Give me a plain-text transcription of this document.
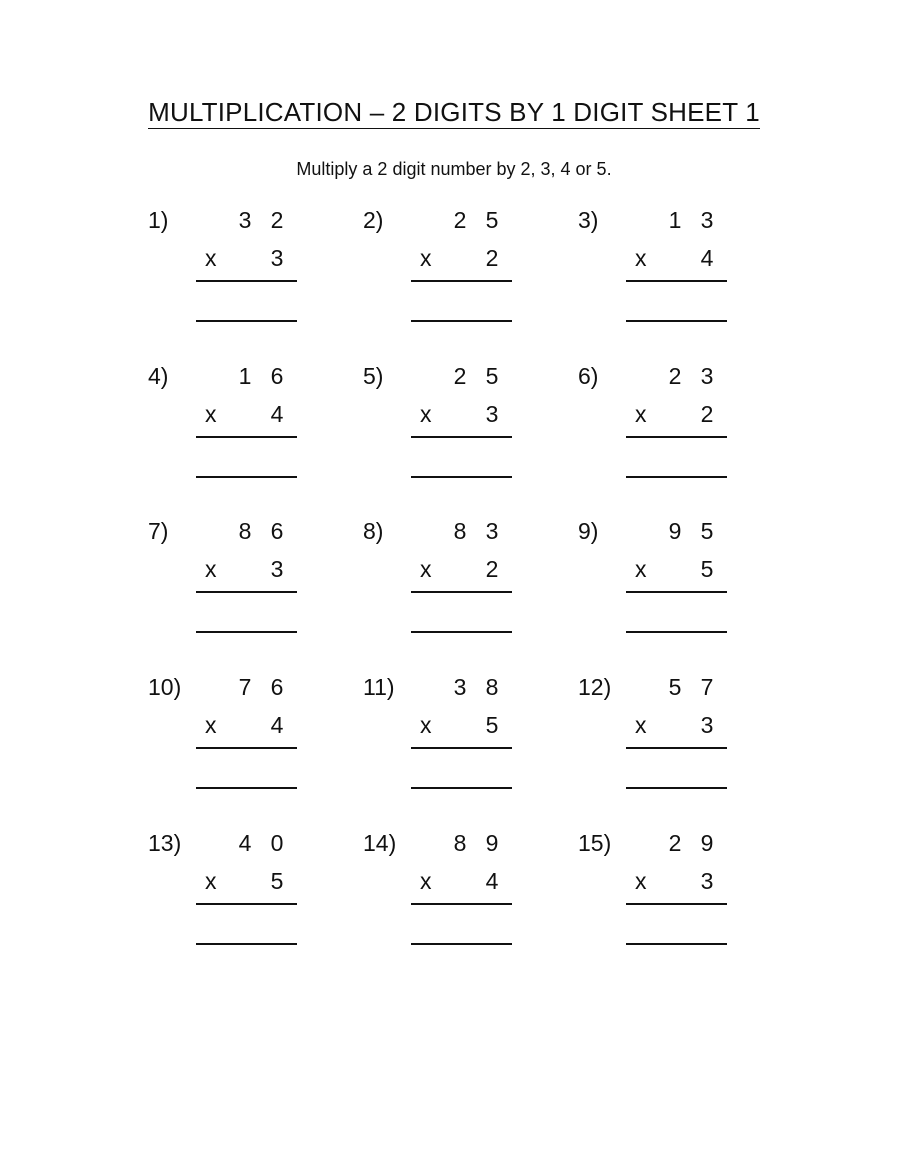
MULTIPLICATION – 2 DIGITS BY 1 DIGIT SHEET 1
Multiply a 2 digit number by 2, 3, 4 or 5.
1)	3 2
x 3
2)	2 5
x 2
3)	1 3
x 4
4)	1 6
x 4
5)	2 5
x 3
6)	2 3
x 2
7)	8 6
x 3
8)	8 3
x 2
9)	9 5
x 5
10) 7 6
x 4
11)	3 8
x 5
12) 5 7
x 3
13) 4 0
x 5
14) 8 9
x 4
15) 2 9
x 3
